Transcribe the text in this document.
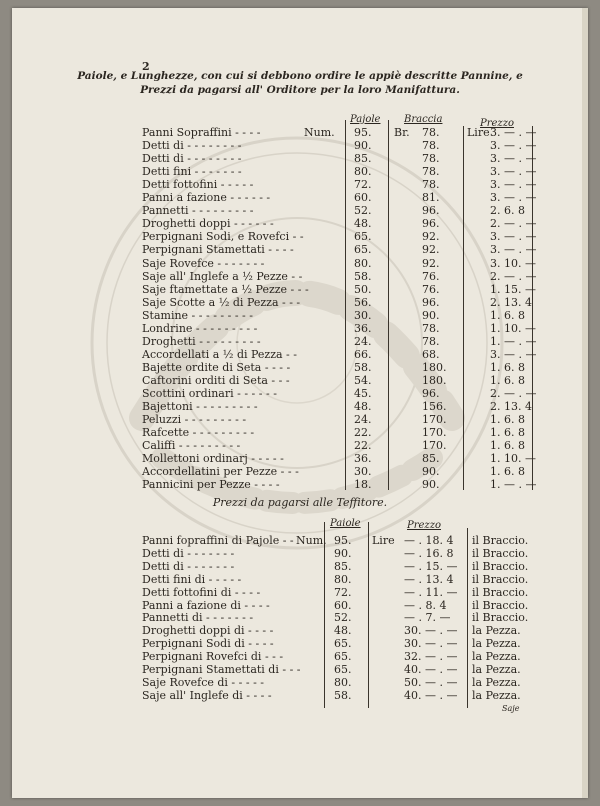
2
Paiole, e Lunghezze, con cui si debbono ordire le appiè descritte Pannine, e
Prezzi da pagarsi all' Orditore per la loro Manifattura.
Pajole Braccia	Prezzo
Panni Sopraffini - - - -	Num. 95. Br. 78.	Lire 3. — . —
Detti di - - - - - - - -	90.	78.	3. — . —
Detti di - - - - - - - -	85.	78.	3. — . —
Detti fini - - - - - - -	80.	78.	3. — . —
Detti fottofini - - - - -	72.	78.	3. — . —
Panni a fazione - - - - - -	60.	81.	3. — . —
Pannetti - - - - - - - - -	52.	96.	2. 6. 8
Droghetti doppi - - - - - -	48.	96.	2. — . —
Perpignani Sodi, e Rovefci - -	65.	92.	3. — . —
Perpignani Stamettati - - - -	65.	92.	3. — . —
Saje Rovefce - - - - - - -	80.	92.	3. 10. —
Saje all' Inglefe a ½ Pezze - -	58.	76.	2. — . —
Saje ftamettate a ½ Pezze - - -	50.	76.	1. 15. —
Saje Scotte a ½ di Pezza - - -	56.	96.	2. 13. 4
Stamine - - - - - - - - -	30.	90.	1. 6. 8
Londrine - - - - - - - - -	36.	78.	1. 10. —
Droghetti - - - - - - - - -	24.	78.	1. — . —
Accordellati a ½ di Pezza - -	66.	68.	3. — . —
Bajette ordite di Seta - - - -	58.	180.	1. 6. 8
Caftorini orditi di Seta - - -	54.	180.	1. 6. 8
Scottini ordinari - - - - - -	45.	96.	2. — . —
Bajettoni - - - - - - - - -	48.	156.	2. 13. 4
Peluzzi - - - - - - - - -	24.	170.	1. 6. 8
Rafcette - - - - - - - - -	22.	170.	1. 6. 8
Califfi - - - - - - - - -	22.	170.	1. 6. 8
Mollettoni ordinarj - - - - -	36.	85.	1. 10. —
Accordellatini per Pezze - - -	30.	90.	1. 6. 8
Pannicini per Pezze - - - -	18.	90.	1. — . —
Prezzi da pagarsi alle Teffitore.
Paiole	Prezzo
Panni fopraffini di Pajole - - Num. 95. Lire — . 18. 4 il Braccio.
Detti di - - - - - - -	90.	— . 16. 8 il Braccio.
Detti di - - - - - - -	85.	— . 15. — il Braccio.
Detti fini di - - - - -	80.	— . 13. 4 il Braccio.
Detti fottofini di - - - -	72.	— . 11. — il Braccio.
Panni a fazione di - - - -	60.	— . 8. 4 il Braccio.
Pannetti di - - - - - - -	52.	— . 7. — il Braccio.
Droghetti doppi di - - - -	48.	30. — . — la Pezza.
Perpignani Sodi di - - - -	65.	30. — . — la Pezza.
Perpignani Rovefci di - - -	65.	32. — . — la Pezza.
Perpignani Stamettati di - - -	65.	40. — . — la Pezza.
Saje Rovefce di - - - - -	80.	50. — . — la Pezza.
Saje all' Inglefe di - - - -	58.	40. — . — la Pezza.
Saje
